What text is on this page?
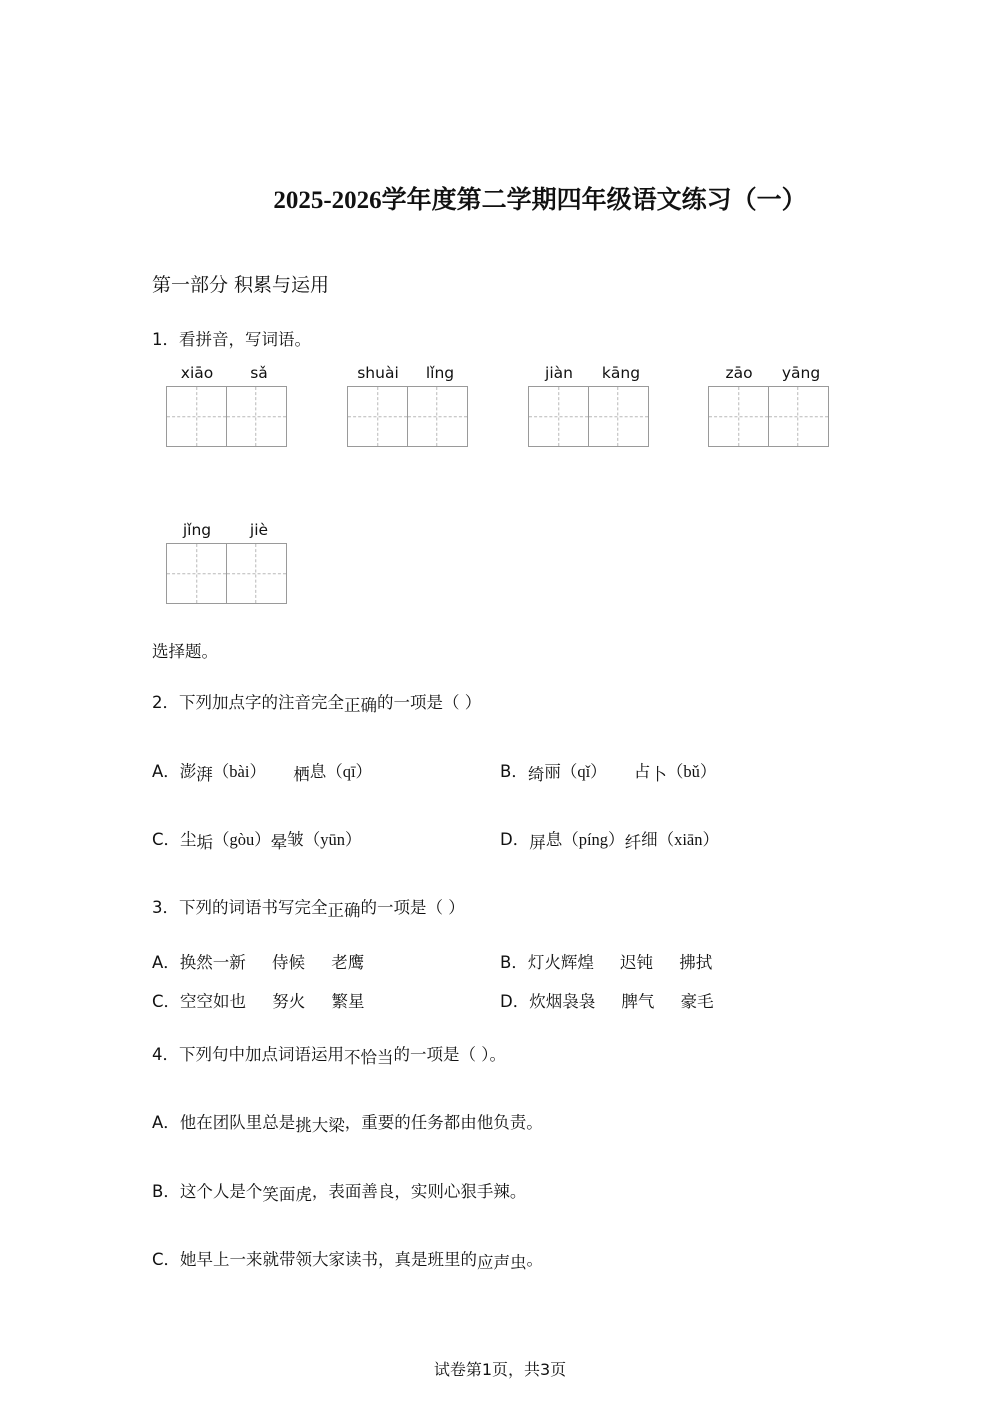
2025-2026学年度第二学期四年级语文练习（一）
第一部分 积累与运用
1．看拼音，写词语。
xiāo	sǎ	shuài	lǐng	jiàn	kāng	zāo	yāng
jǐng	jiè
选择题。
2．下列加点字的注音完全正确的一项是（ ）
A．澎湃（bài） 栖息（qī）	B．绮丽（qǐ） 占卜（bǔ）
C．尘垢（gòu）晕皱（yūn）	D．屏息（píng）纤细（xiān）
3．下列的词语书写完全正确的一项是（ ）
A．换然一新     侍候     老鹰	B．灯火辉煌     迟钝     拂拭
C．空空如也     努火     繁星	D．炊烟袅袅     脾气     豪毛
4．下列句中加点词语运用不恰当的一项是（ ）。
A．他在团队里总是挑大梁，重要的任务都由他负责。
B．这个人是个笑面虎，表面善良，实则心狠手辣。
C．她早上一来就带领大家读书，真是班里的应声虫。
试卷第1页，共3页
